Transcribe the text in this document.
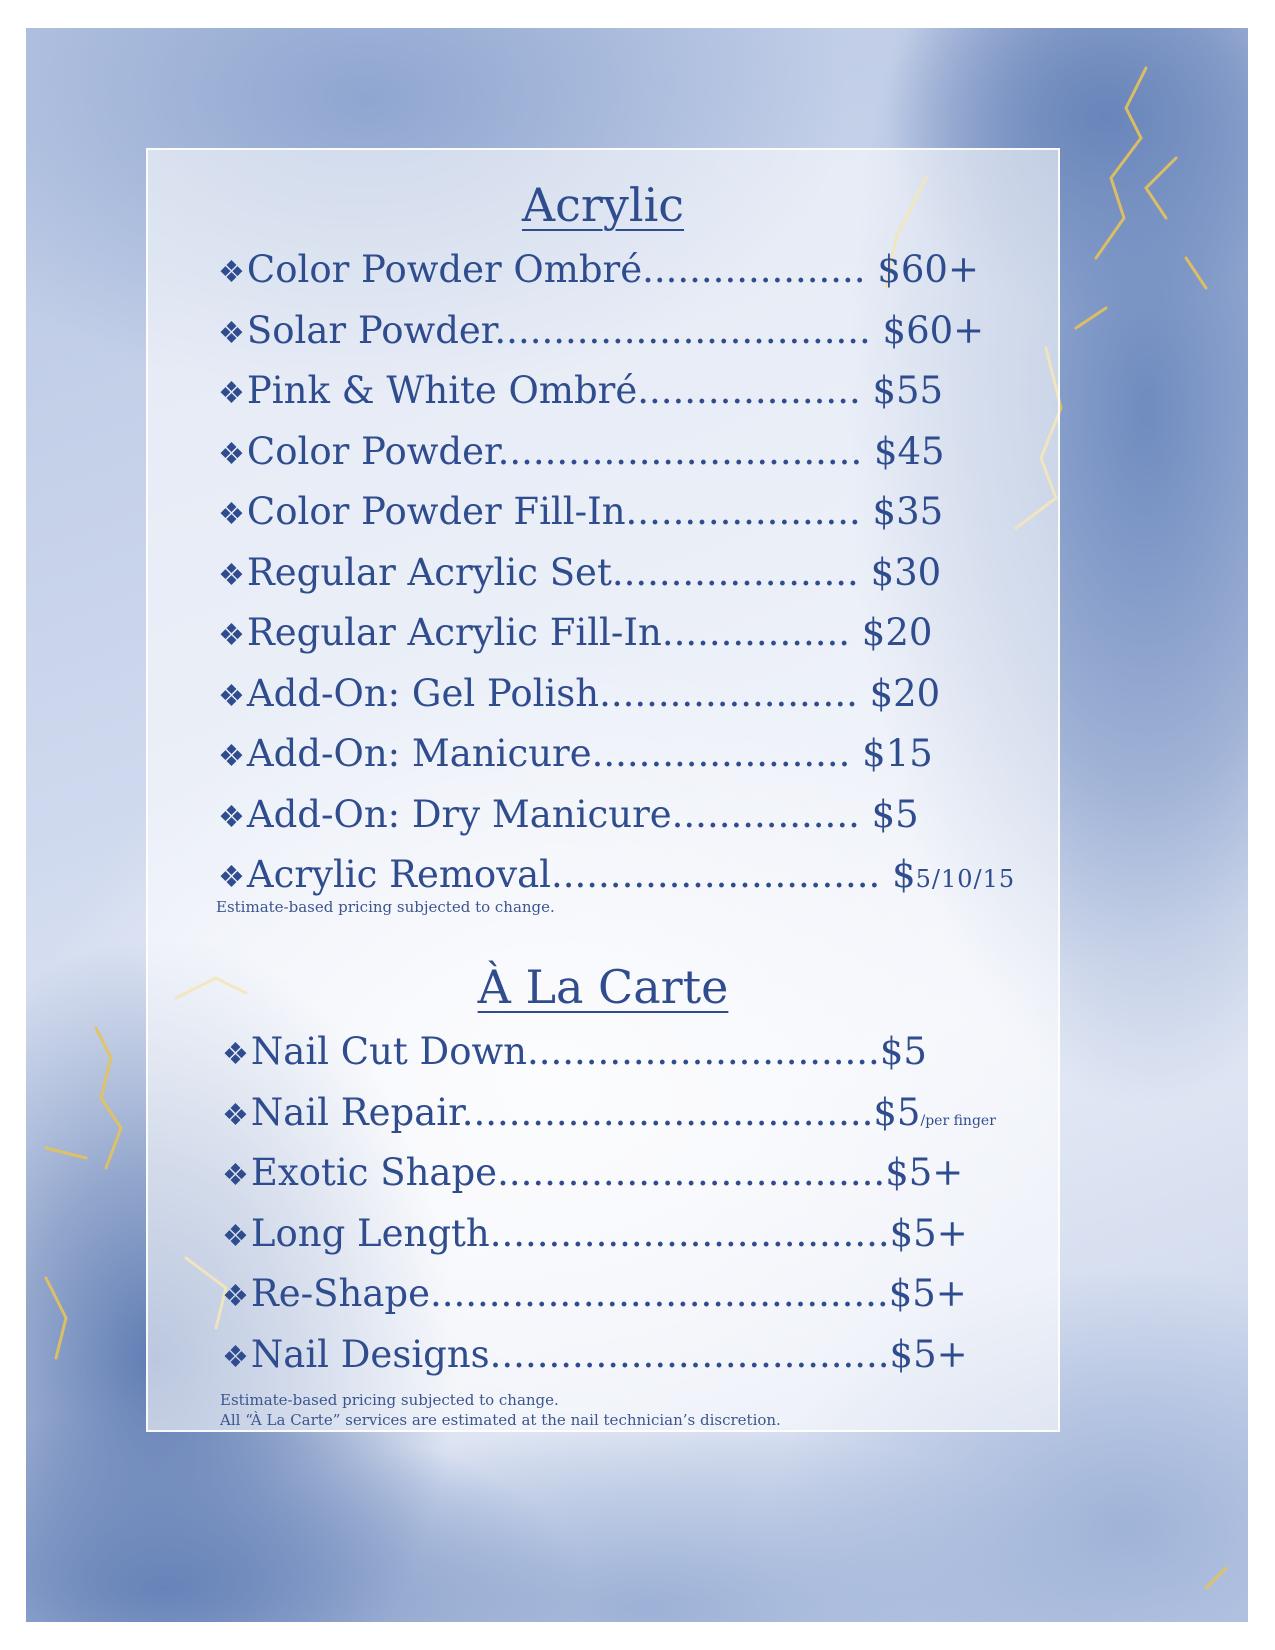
Acrylic
❖Color Powder Ombré................... $60+
❖Solar Powder................................ $60+
❖Pink & White Ombré................... $55
❖Color Powder............................... $45
❖Color Powder Fill-In.................... $35
❖Regular Acrylic Set..................... $30
❖Regular Acrylic Fill-In................ $20
❖Add-On: Gel Polish...................... $20
❖Add-On: Manicure...................... $15
❖Add-On: Dry Manicure................ $5
❖Acrylic Removal............................ $5/10/15

Estimate-based pricing subjected to change.

À La Carte
❖Nail Cut Down..............................$5
❖Nail Repair...................................$5/per finger
❖Exotic Shape.................................$5+
❖Long Length..................................$5+
❖Re-Shape.......................................$5+
❖Nail Designs..................................$5+

Estimate-based pricing subjected to change.

All “À La Carte” services are estimated at the nail technician’s discretion.
